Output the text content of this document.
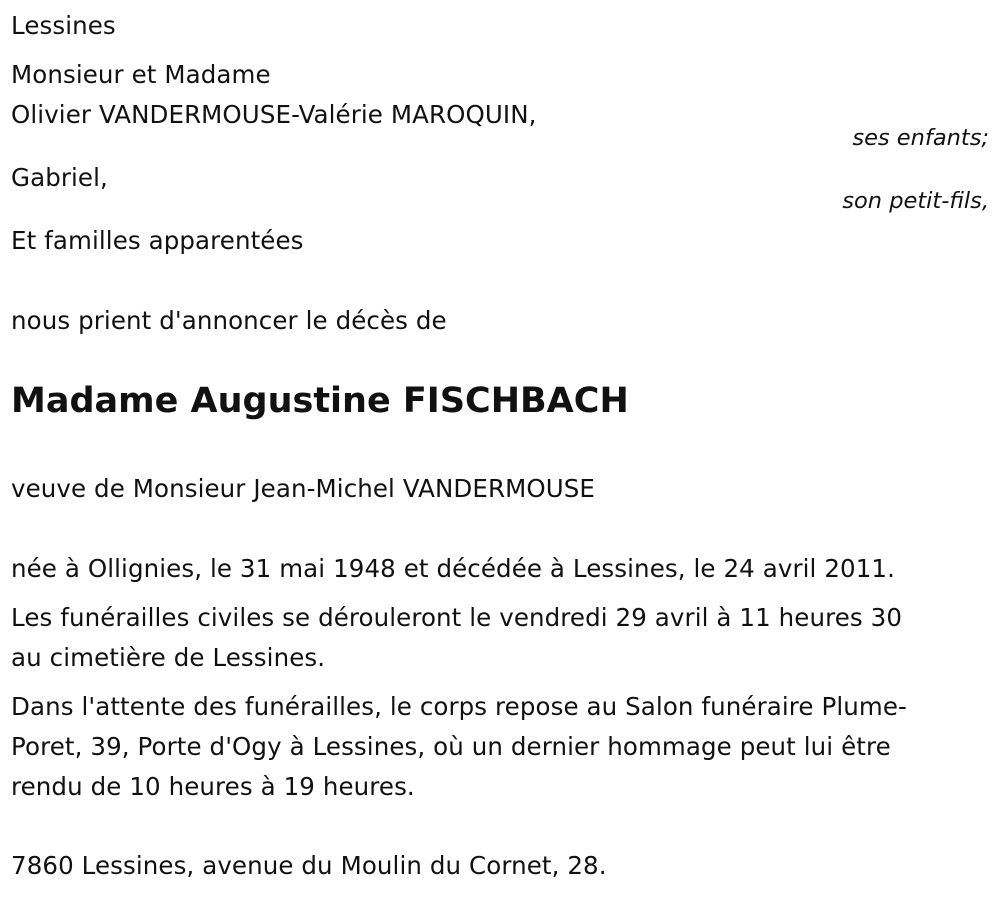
Lessines
Monsieur et Madame
Olivier VANDERMOUSE-Valérie MAROQUIN,
ses enfants;
Gabriel,
son petit-fils,
Et familles apparentées
nous prient d'annoncer le décès de
Madame Augustine FISCHBACH
veuve de Monsieur Jean-Michel VANDERMOUSE
née à Ollignies, le 31 mai 1948 et décédée à Lessines, le 24 avril 2011.
Les funérailles civiles se dérouleront le vendredi 29 avril à 11 heures 30
au cimetière de Lessines.
Dans l'attente des funérailles, le corps repose au Salon funéraire Plume-
Poret, 39, Porte d'Ogy à Lessines, où un dernier hommage peut lui être
rendu de 10 heures à 19 heures.
7860 Lessines, avenue du Moulin du Cornet, 28.
